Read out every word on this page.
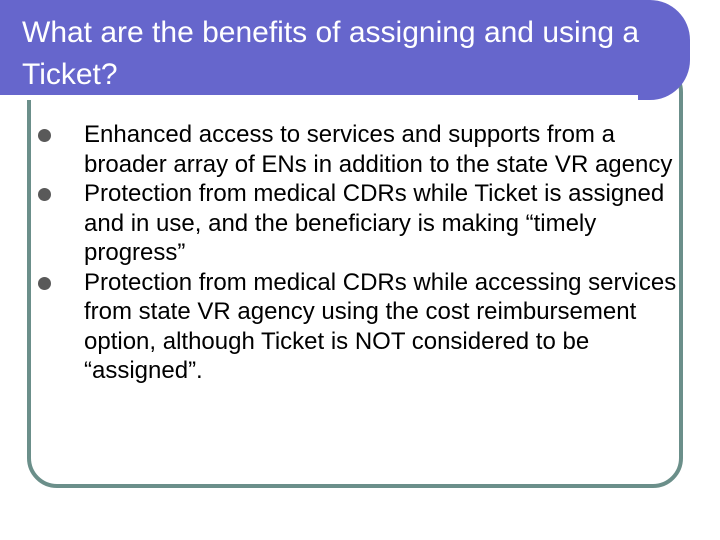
What are the benefits of assigning and using a Ticket?
Enhanced access to services and supports from a broader array of ENs in addition to the state VR agency
Protection from medical CDRs while Ticket is assigned and in use, and the beneficiary is making “timely progress”
Protection from medical CDRs while accessing services from state VR agency using the cost reimbursement option, although Ticket is NOT considered to be “assigned”.
